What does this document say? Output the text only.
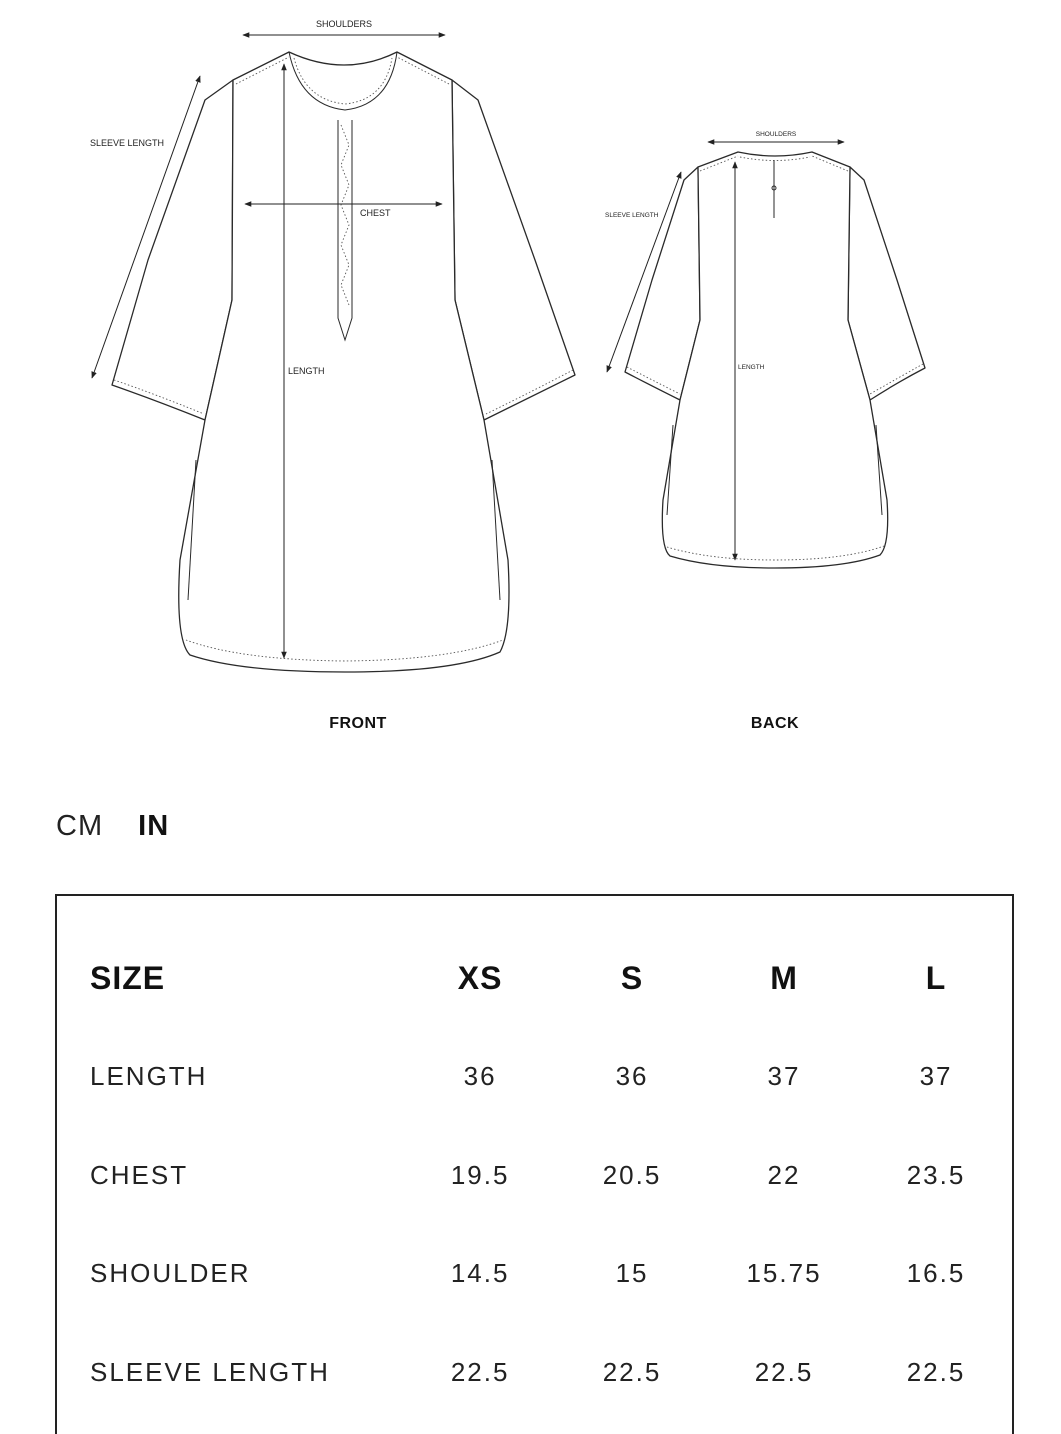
SHOULDERS
SLEEVE LENGTH
CHEST
LENGTH
FRONT
SHOULDERS
SLEEVE LENGTH
LENGTH
BACK
CM IN
SIZE	XS	S	M	L
LENGTH	36	36	37	37
CHEST	19.5	20.5	22	23.5
SHOULDER	14.5	15	15.75	16.5
SLEEVE LENGTH	22.5	22.5	22.5	22.5
